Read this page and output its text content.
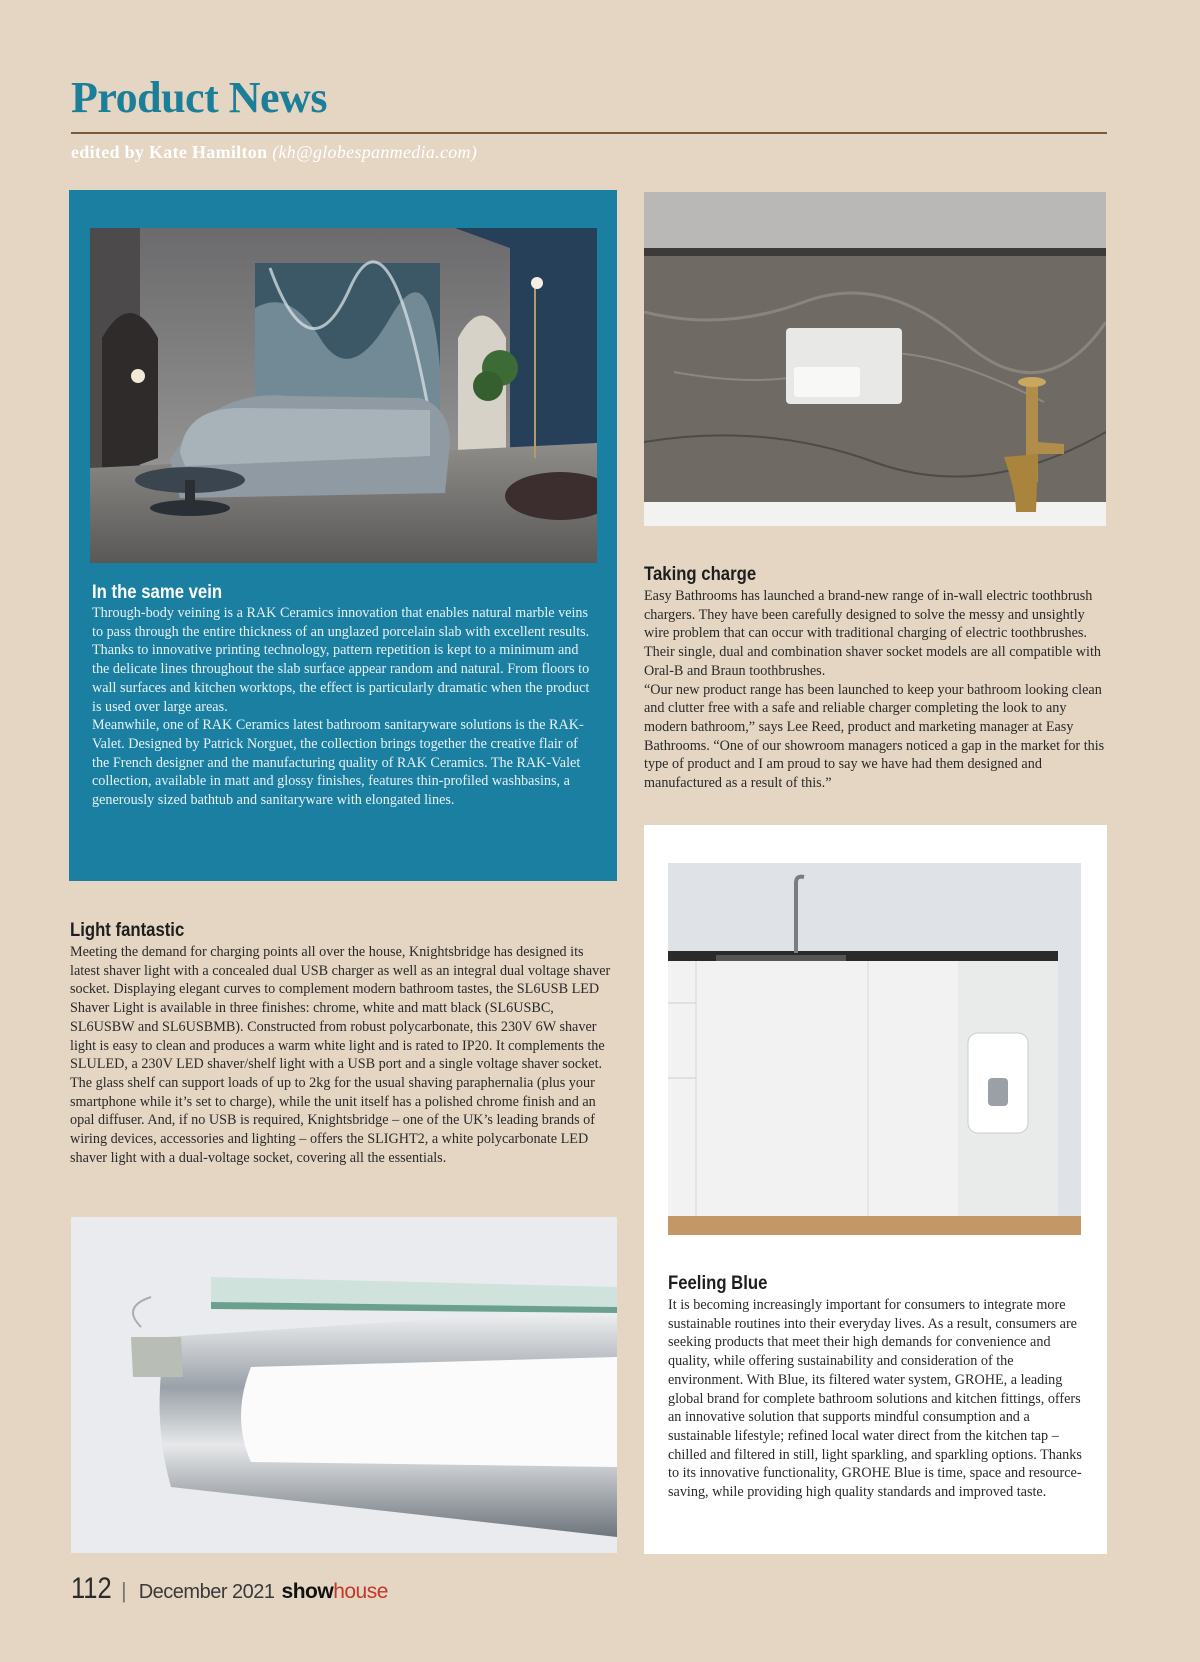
Product News
edited by Kate Hamilton (kh@globespanmedia.com)
In the same vein

Through-body veining is a RAK Ceramics innovation that enables natural marble veins to pass through the entire thickness of an unglazed porcelain slab with excellent results. Thanks to innovative printing technology, pattern repetition is kept to a minimum and the delicate lines throughout the slab surface appear random and natural. From floors to wall surfaces and kitchen worktops, the effect is particularly dramatic when the product is used over large areas.

Meanwhile, one of RAK Ceramics latest bathroom sanitaryware solutions is the RAK-Valet. Designed by Patrick Norguet, the collection brings together the creative flair of the French designer and the manufacturing quality of RAK Ceramics. The RAK-Valet collection, available in matt and glossy finishes, features thin-profiled washbasins, a generously sized bathtub and sanitaryware with elongated lines.

Taking charge

Easy Bathrooms has launched a brand-new range of in-wall electric toothbrush chargers. They have been carefully designed to solve the messy and unsightly wire problem that can occur with traditional charging of electric toothbrushes. Their single, dual and combination shaver socket models are all compatible with Oral-B and Braun toothbrushes.

“Our new product range has been launched to keep your bathroom looking clean and clutter free with a safe and reliable charger completing the look to any modern bathroom,” says Lee Reed, product and marketing manager at Easy Bathrooms. “One of our showroom managers noticed a gap in the market for this type of product and I am proud to say we have had them designed and manufactured as a result of this.”

Light fantastic

Meeting the demand for charging points all over the house, Knightsbridge has designed its latest shaver light with a concealed dual USB charger as well as an integral dual voltage shaver socket. Displaying elegant curves to complement modern bathroom tastes, the SL6USB LED Shaver Light is available in three finishes: chrome, white and matt black (SL6USBC, SL6USBW and SL6USBMB). Constructed from robust polycarbonate, this 230V 6W shaver light is easy to clean and produces a warm white light and is rated to IP20. It complements the SLULED, a 230V LED shaver/shelf light with a USB port and a single voltage shaver socket. The glass shelf can support loads of up to 2kg for the usual shaving paraphernalia (plus your smartphone while it’s set to charge), while the unit itself has a polished chrome finish and an opal diffuser. And, if no USB is required, Knightsbridge – one of the UK’s leading brands of wiring devices, accessories and lighting – offers the SLIGHT2, a white polycarbonate LED shaver light with a dual-voltage socket, covering all the essentials.

Feeling Blue

It is becoming increasingly important for consumers to integrate more sustainable routines into their everyday lives. As a result, consumers are seeking products that meet their high demands for convenience and quality, while offering sustainability and consideration of the environment. With Blue, its filtered water system, GROHE, a leading global brand for complete bathroom solutions and kitchen fittings, offers an innovative solution that supports mindful consumption and a sustainable lifestyle; refined local water direct from the kitchen tap – chilled and filtered in still, light sparkling, and sparkling options. Thanks to its innovative functionality, GROHE Blue is time, space and resource-saving, while providing high quality standards and improved taste.

112 | December 2021 showhouse
